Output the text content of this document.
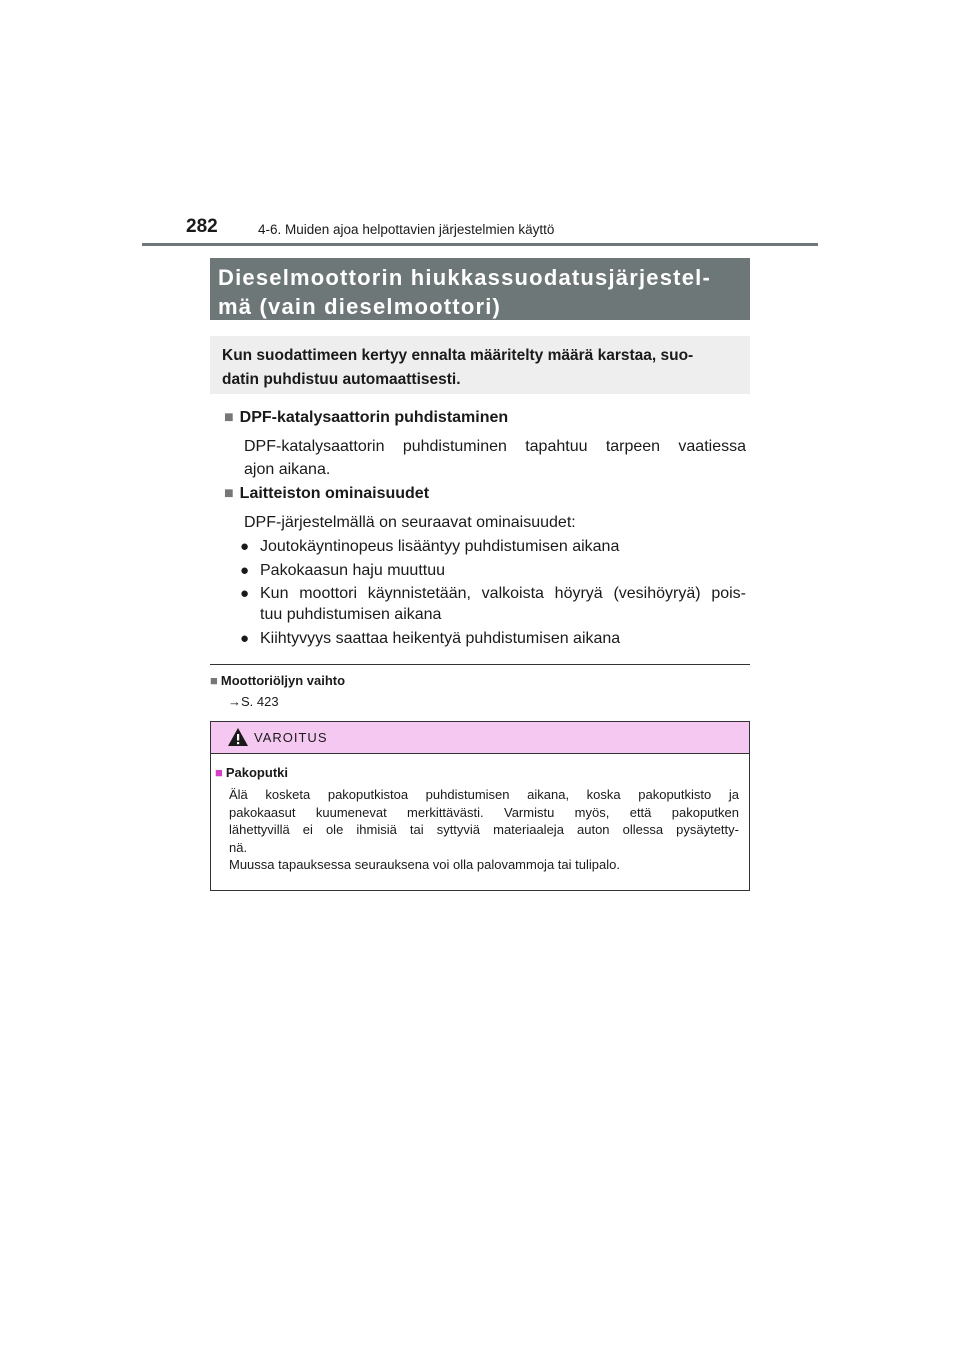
282	4-6. Muiden ajoa helpottavien järjestelmien käyttö
Dieselmoottorin hiukkassuodatusjärjestel-
mä (vain dieselmoottori)
Kun suodattimeen kertyy ennalta määritelty määrä karstaa, suo-
datin puhdistuu automaattisesti.
■ DPF-katalysaattorin puhdistaminen
DPF-katalysaattorin puhdistuminen tapahtuu tarpeen vaatiessa
ajon aikana.
■ Laitteiston ominaisuudet
DPF-järjestelmällä on seuraavat ominaisuudet:
● Joutokäyntinopeus lisääntyy puhdistumisen aikana
● Pakokaasun haju muuttuu
● Kun moottori käynnistetään, valkoista höyryä (vesihöyryä) pois-
tuu puhdistumisen aikana
● Kiihtyvyys saattaa heikentyä puhdistumisen aikana
■ Moottoriöljyn vaihto
→S. 423
VAROITUS
■ Pakoputki
Älä kosketa pakoputkistoa puhdistumisen aikana, koska pakoputkisto ja
pakokaasut kuumenevat merkittävästi. Varmistu myös, että pakoputken
lähettyvillä ei ole ihmisiä tai syttyviä materiaaleja auton ollessa pysäytetty-
nä.
Muussa tapauksessa seurauksena voi olla palovammoja tai tulipalo.
